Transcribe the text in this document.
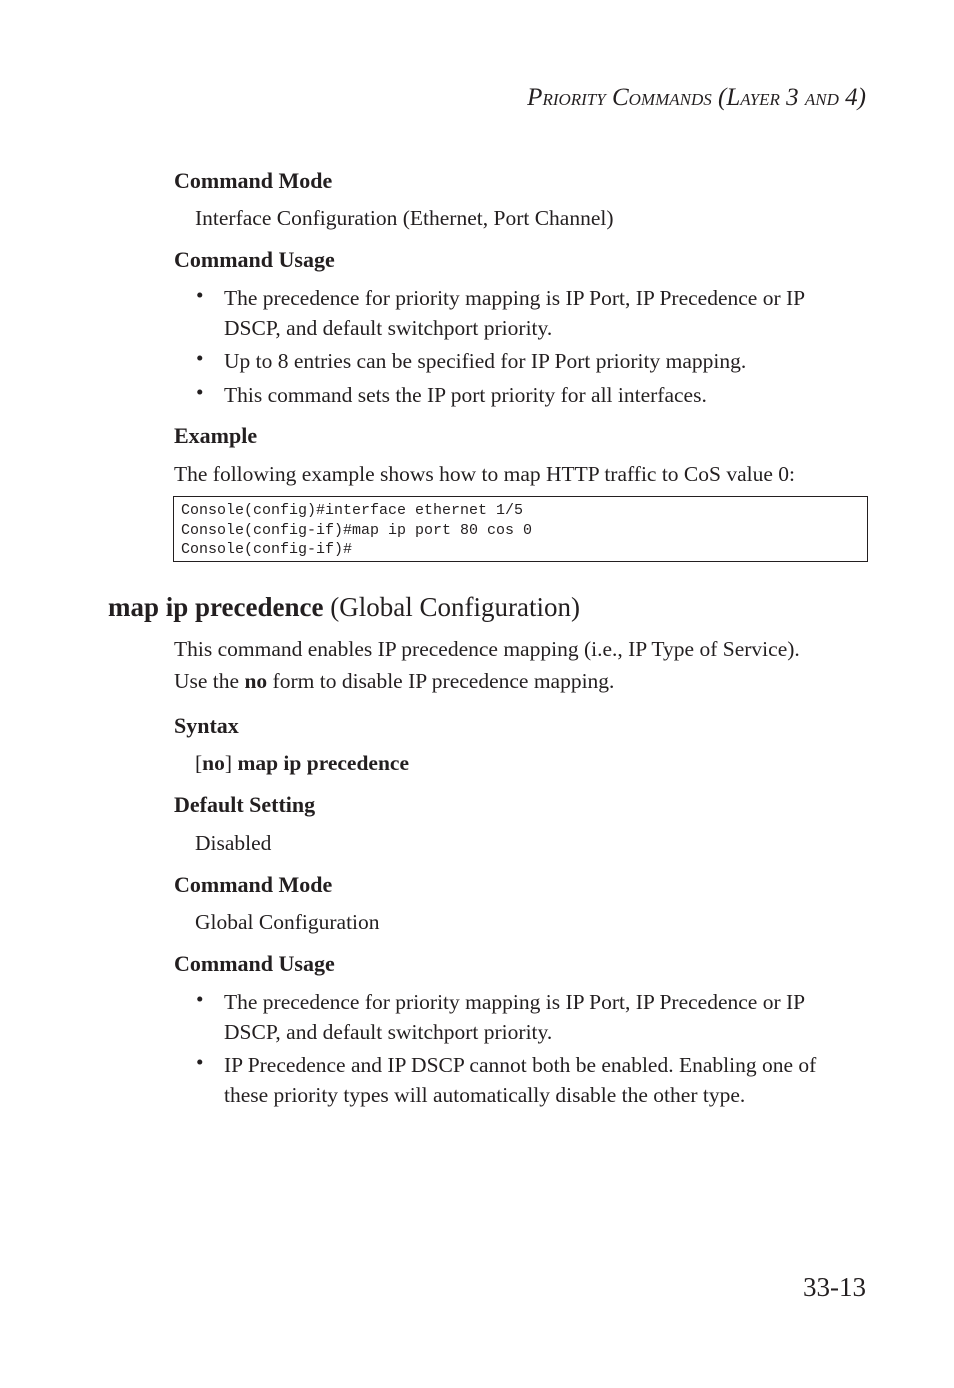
PRIORITY COMMANDS (LAYER 3 AND 4)
Command Mode
Interface Configuration (Ethernet, Port Channel)
Command Usage
• The precedence for priority mapping is IP Port, IP Precedence or IP
DSCP, and default switchport priority.
• Up to 8 entries can be specified for IP Port priority mapping.
• This command sets the IP port priority for all interfaces.
Example
The following example shows how to map HTTP traffic to CoS value 0:
Console(config)#interface ethernet 1/5
Console(config-if)#map ip port 80 cos 0
Console(config-if)#
map ip precedence (Global Configuration)
This command enables IP precedence mapping (i.e., IP Type of Service).
Use the no form to disable IP precedence mapping.
Syntax
[no] map ip precedence
Default Setting
Disabled
Command Mode
Global Configuration
Command Usage
• The precedence for priority mapping is IP Port, IP Precedence or IP
DSCP, and default switchport priority.
• IP Precedence and IP DSCP cannot both be enabled. Enabling one of
these priority types will automatically disable the other type.
33-13
